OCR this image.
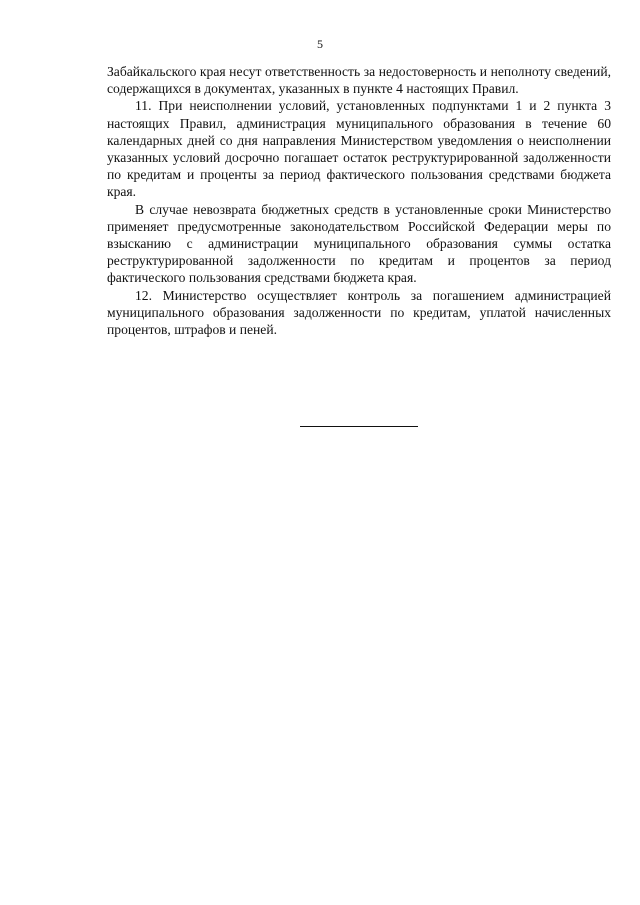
5

Забайкальского края несут ответственность за недостоверность и неполноту сведений, содержащихся в документах, указанных в пункте 4 настоящих Правил.

11. При неисполнении условий, установленных подпунктами 1 и 2 пункта 3 настоящих Правил, администрация муниципального образования в течение 60 календарных дней со дня направления Министерством уведомления о неисполнении указанных условий досрочно погашает остаток реструктурированной задолженности по кредитам и проценты за период фактического пользования средствами бюджета края.

В случае невозврата бюджетных средств в установленные сроки Министерство применяет предусмотренные законодательством Российской Федерации меры по взысканию с администрации муниципального образования суммы остатка реструктурированной задолженности по кредитам и процентов за период фактического пользования средствами бюджета края.

12. Министерство осуществляет контроль за погашением администрацией муниципального образования задолженности по кредитам, уплатой начисленных процентов, штрафов и пеней.
